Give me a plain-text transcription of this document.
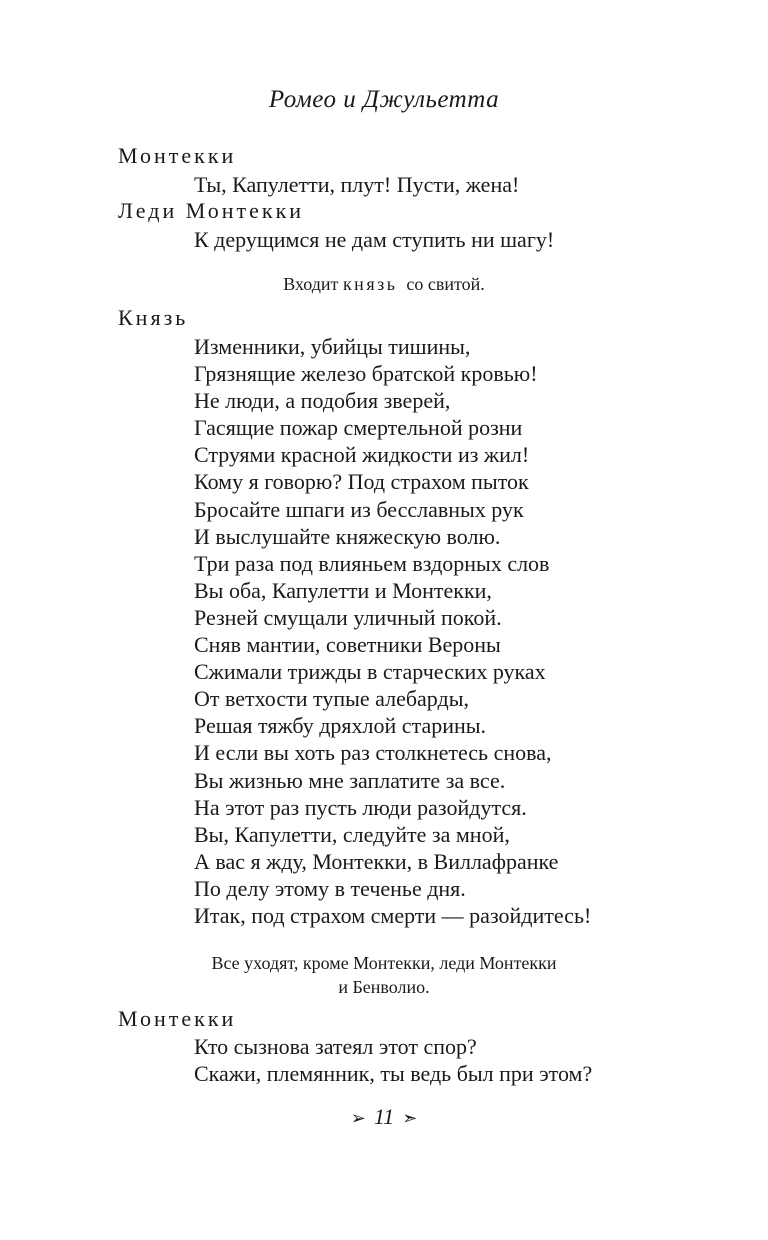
Ромео и Джульетта
Монтекки
Ты, Капулетти, плут! Пусти, жена!
Леди Монтекки
К дерущимся не дам ступить ни шагу!
Входит князь  со свитой.
Князь
Изменники, убийцы тишины,
Грязнящие железо братской кровью!
Не люди, а подобия зверей,
Гасящие пожар смертельной розни
Струями красной жидкости из жил!
Кому я говорю? Под страхом пыток
Бросайте шпаги из бесславных рук
И выслушайте княжескую волю.
Три раза под влияньем вздорных слов
Вы оба, Капулетти и Монтекки,
Резней смущали уличный покой.
Сняв мантии, советники Вероны
Сжимали трижды в старческих руках
От ветхости тупые алебарды,
Решая тяжбу дряхлой старины.
И если вы хоть раз столкнетесь снова,
Вы жизнью мне заплатите за все.
На этот раз пусть люди разойдутся.
Вы, Капулетти, следуйте за мной,
А вас я жду, Монтекки, в Виллафранке
По делу этому в теченье дня.
Итак, под страхом смерти — разойдитесь!
Все уходят, кроме Монтекки, леди Монтекки
и Бенволио.
Монтекки
Кто сызнова затеял этот спор?
Скажи, племянник, ты ведь был при этом?
➢ 11 ➣
